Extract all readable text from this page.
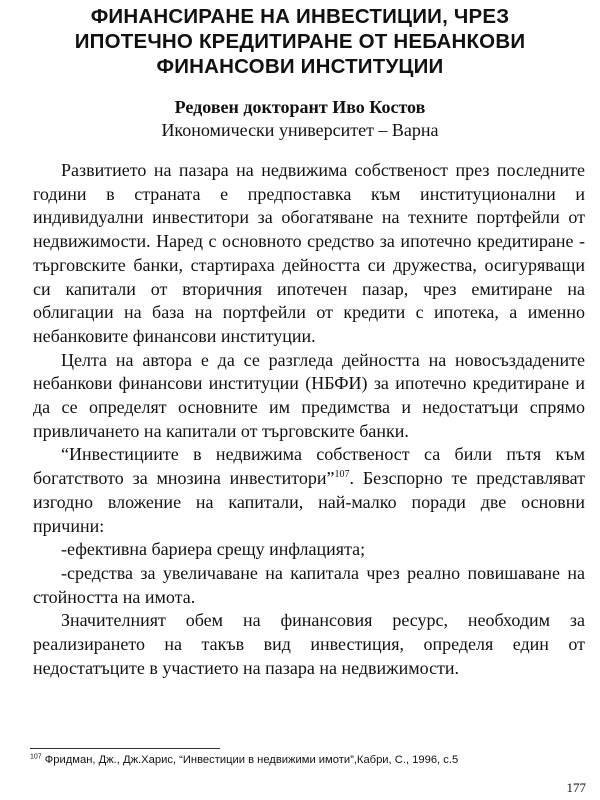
ФИНАНСИРАНЕ НА ИНВЕСТИЦИИ, ЧРЕЗ
ИПОТЕЧНО КРЕДИТИРАНЕ ОТ НЕБАНКОВИ
ФИНАНСОВИ ИНСТИТУЦИИ
Редовен докторант Иво Костов
Икономически университет – Варна

Развитието на пазара на недвижима собственост през последните години в страната е предпоставка към институционални и индивидуални инвеститори за обогатяване на техните портфейли от недвижимости. Наред с основното средство за ипотечно кредитиране - търговските банки, стартираха дейността си дружества, осигуряващи си капитали от вторичния ипотечен пазар, чрез емитиране на облигации на база на портфейли от кредити с ипотека, а именно небанковите финансови институции.

Целта на автора е да се разгледа дейността на новосъздадените небанкови финансови институции (НБФИ) за ипотечно кредитиране и да се определят основните им предимства и недостатъци спрямо привличането на капитали от търговските банки.

“Инвестициите в недвижима собственост са били пътя към богатството за мнозина инвеститори”$^{107}$. Безспорно те представляват изгодно вложение на капитали, най-малко поради две основни причини:

-ефективна бариера срещу инфлацията;

-средства за увеличаване на капитала чрез реално повишаване на стойността на имота.

Значителният обем на финансовия ресурс, необходим за реализирането на такъв вид инвестиция, определя един от недостатъците в участието на пазара на недвижимости.

$^{107}$ Фридман, Дж., Дж.Харис, “Инвестиции в недвижими имоти”,Кабри, С., 1996, с.5
177
